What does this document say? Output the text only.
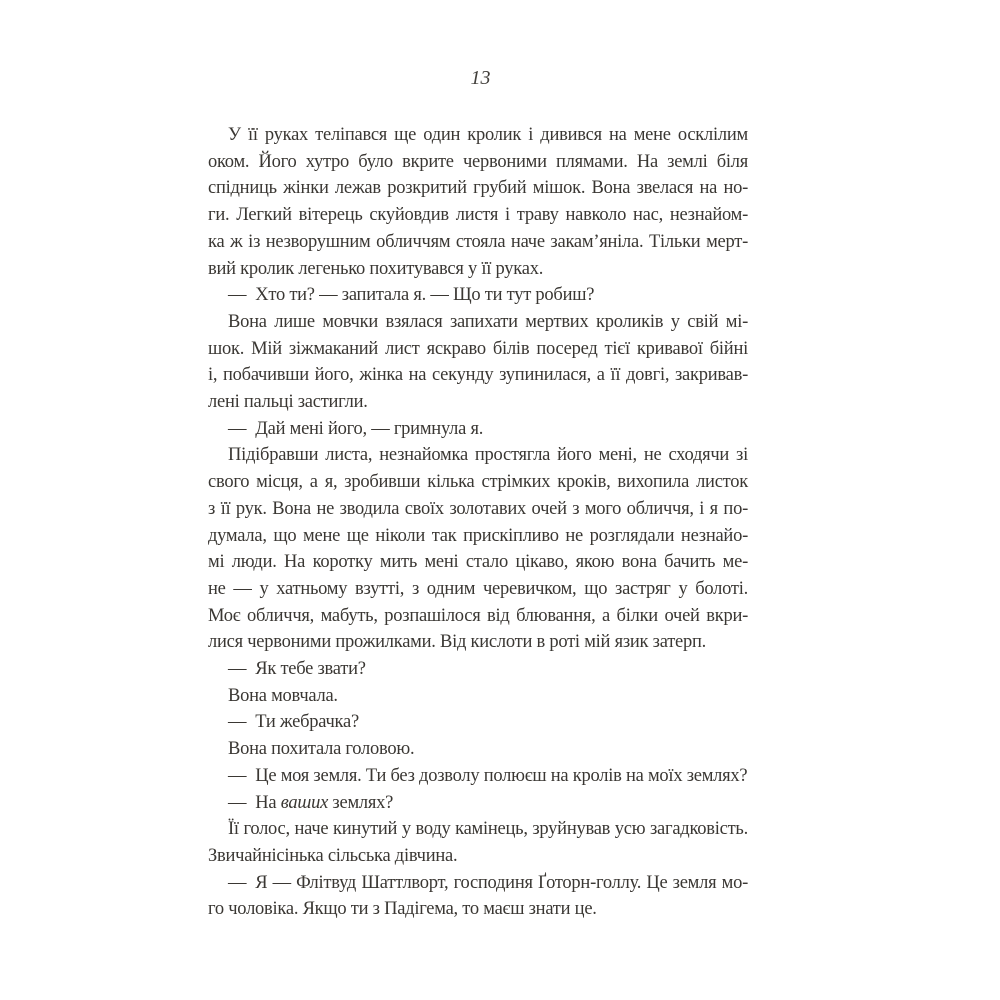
13
У її руках теліпався ще один кролик і дивився на мене осклілим
оком. Його хутро було вкрите червоними плямами. На землі біля
спідниць жінки лежав розкритий грубий мішок. Вона звелася на но-
ги. Легкий вітерець скуйовдив листя і траву навколо нас, незнайом-
ка ж із незворушним обличчям стояла наче закам’яніла. Тільки мерт-
вий кролик легенько похитувався у її руках.
— Хто ти? — запитала я. — Що ти тут робиш?
Вона лише мовчки взялася запихати мертвих кроликів у свій мі-
шок. Мій зіжмаканий лист яскраво білів посеред тієї кривавої бійні
і, побачивши його, жінка на секунду зупинилася, а її довгі, закривав-
лені пальці застигли.
— Дай мені його, — гримнула я.
Підібравши листа, незнайомка простягла його мені, не сходячи зі
свого місця, а я, зробивши кілька стрімких кроків, вихопила листок
з її рук. Вона не зводила своїх золотавих очей з мого обличчя, і я по-
думала, що мене ще ніколи так прискіпливо не розглядали незнайо-
мі люди. На коротку мить мені стало цікаво, якою вона бачить ме-
не — у хатньому взутті, з одним черевичком, що застряг у болоті.
Моє обличчя, мабуть, розпашілося від блювання, а білки очей вкри-
лися червоними прожилками. Від кислоти в роті мій язик затерп.
— Як тебе звати?
Вона мовчала.
— Ти жебрачка?
Вона похитала головою.
— Це моя земля. Ти без дозволу полюєш на кролів на моїх землях?
— На ваших землях?
Її голос, наче кинутий у воду камінець, зруйнував усю загадковість.
Звичайнісінька сільська дівчина.
— Я — Флітвуд Шаттлворт, господиня Ґоторн-голлу. Це земля мо-
го чоловіка. Якщо ти з Падігема, то маєш знати це.
